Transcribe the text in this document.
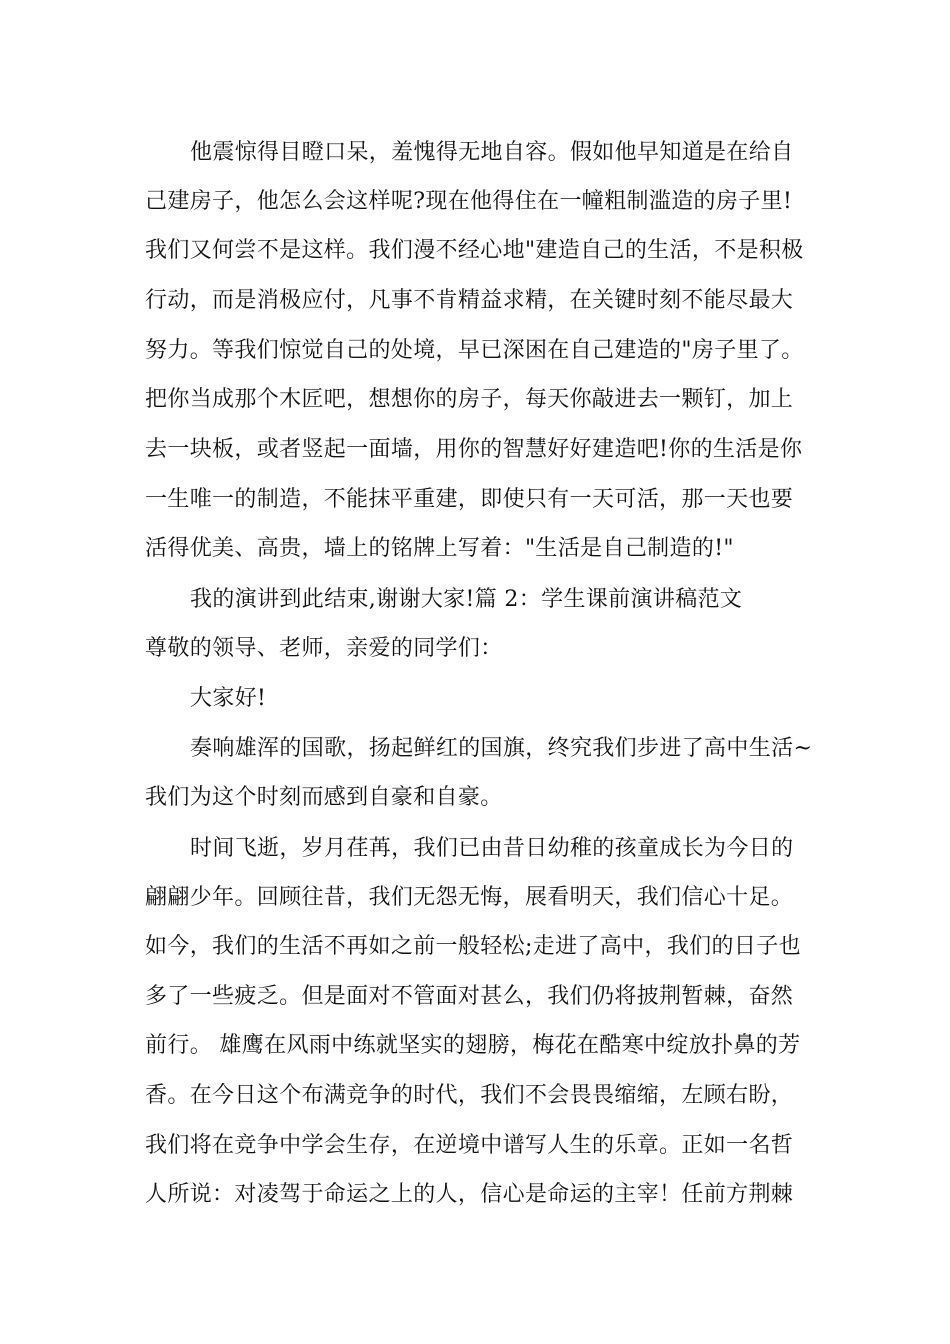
他震惊得目瞪口呆，羞愧得无地自容。假如他早知道是在给自
己建房子，他怎么会这样呢?现在他得住在一幢粗制滥造的房子里!
我们又何尝不是这样。我们漫不经心地"建造自己的生活，不是积极
行动，而是消极应付，凡事不肯精益求精，在关键时刻不能尽最大
努力。等我们惊觉自己的处境，早已深困在自己建造的"房子里了。
把你当成那个木匠吧，想想你的房子，每天你敲进去一颗钉，加上
去一块板，或者竖起一面墙，用你的智慧好好建造吧!你的生活是你
一生唯一的制造，不能抹平重建，即使只有一天可活，那一天也要
活得优美、高贵，墙上的铭牌上写着："生活是自己制造的!"
我的演讲到此结束,谢谢大家!篇 2：学生课前演讲稿范文
尊敬的领导、老师，亲爱的同学们：
大家好!
奏响雄浑的国歌，扬起鲜红的国旗，终究我们步进了高中生活~
我们为这个时刻而感到自豪和自豪。
时间飞逝，岁月荏苒，我们已由昔日幼稚的孩童成长为今日的
翩翩少年。回顾往昔，我们无怨无悔，展看明天，我们信心十足。
如今，我们的生活不再如之前一般轻松;走进了高中，我们的日子也
多了一些疲乏。但是面对不管面对甚么，我们仍将披荆暂棘，奋然
前行。 雄鹰在风雨中练就坚实的翅膀，梅花在酷寒中绽放扑鼻的芳
香。在今日这个布满竞争的时代，我们不会畏畏缩缩，左顾右盼，
我们将在竞争中学会生存，在逆境中谱写人生的乐章。正如一名哲
人所说：对凌驾于命运之上的人，信心是命运的主宰！任前方荆棘
